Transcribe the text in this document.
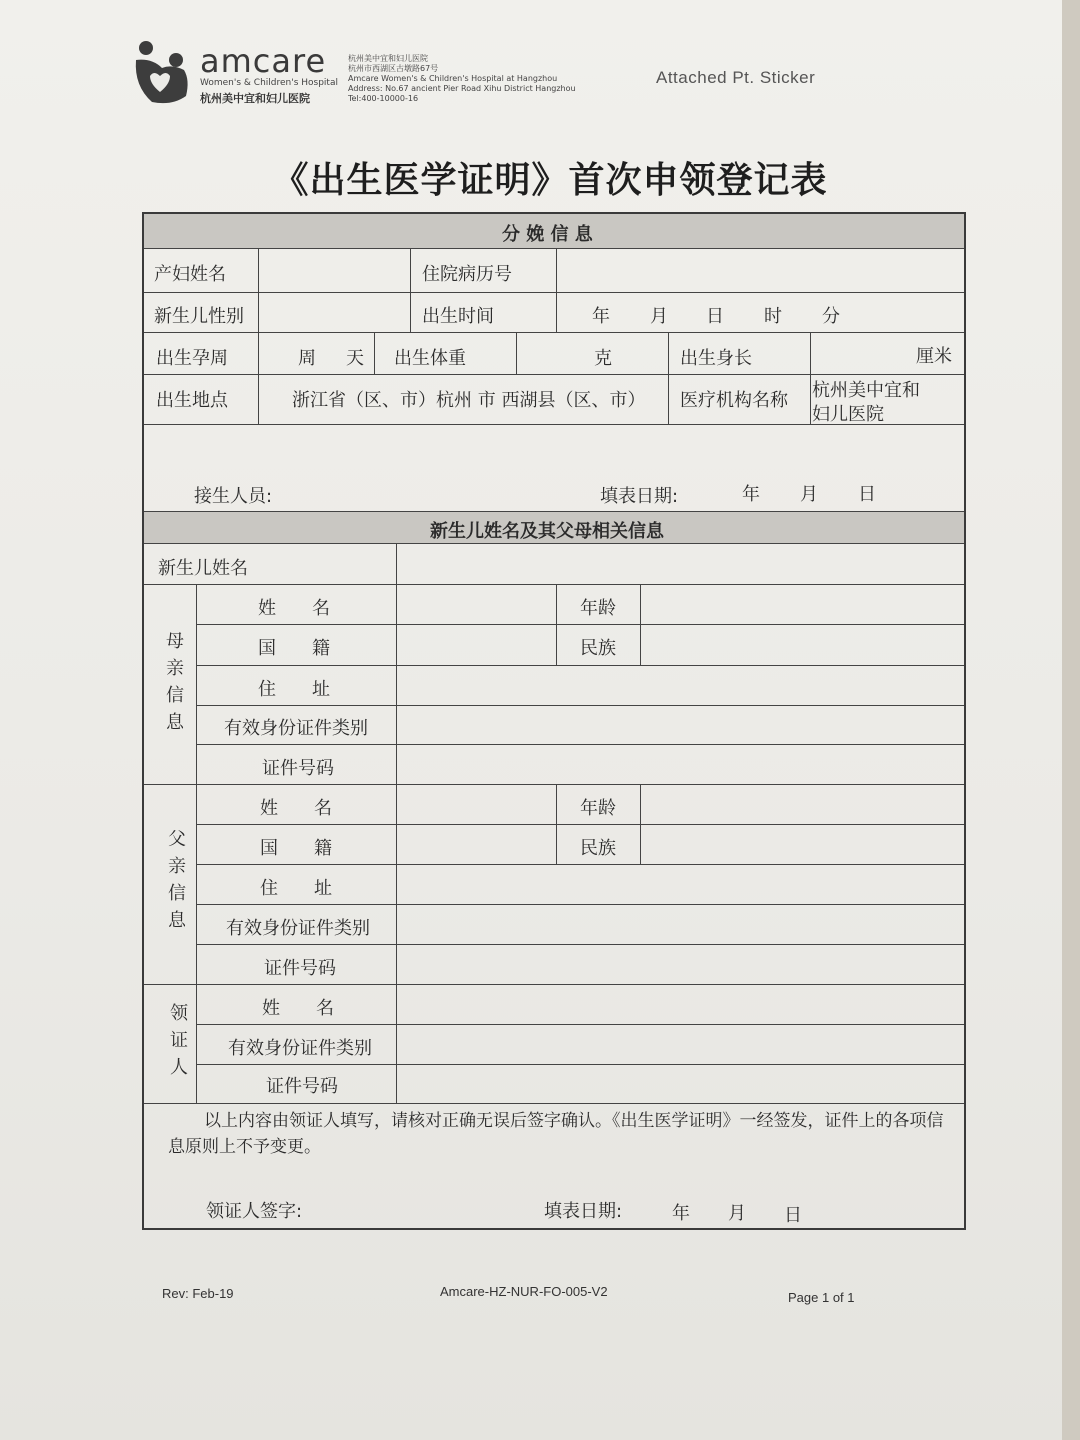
amcare
Women's & Children's Hospital
杭州美中宜和妇儿医院
杭州美中宜和妇儿医院
杭州市西湖区古墩路67号
Amcare Women's & Children's Hospital at Hangzhou
Address: No.67 ancient Pier Road Xihu District Hangzhou
Tel:400-10000-16
Attached Pt. Sticker
《出生医学证明》首次申领登记表
分 娩 信 息
产妇姓名	住院病历号
新生儿性别	出生时间	年 月 日 时 分
出生孕周	周 天 出生体重	克	出生身长	厘米
出生地点	浙江省（区、市）杭州 市 西湖县（区、市） 医疗机构名称 杭州美中宜和
妇儿医院
接生人员:	填表日期:	年 月 日
新生儿姓名及其父母相关信息
新生儿姓名
母亲信息
姓　　名	年龄
国　　籍	民族
住　　址
有效身份证件类别
证件号码
父亲信息
姓　　名	年龄
国　　籍	民族
住　　址
有效身份证件类别
证件号码
领证人
姓　　名
有效身份证件类别
证件号码
以上内容由领证人填写，请核对正确无误后签字确认。《出生医学证明》一经签发，证件上的各项信息原则上不予变更。
领证人签字:	填表日期:	年 月 日
Rev: Feb-19	Amcare-HZ-NUR-FO-005-V2	Page 1 of 1
